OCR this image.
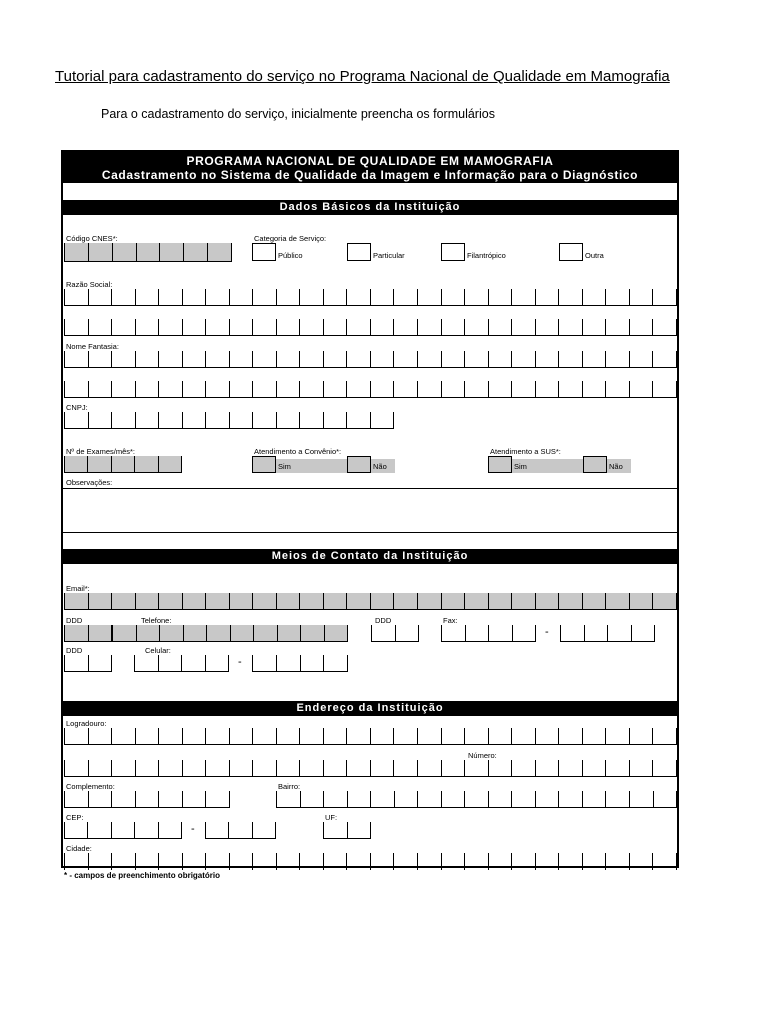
Tutorial para cadastramento do serviço no Programa Nacional de Qualidade em Mamografia
Para o cadastramento do serviço, inicialmente preencha os formulários
PROGRAMA NACIONAL DE QUALIDADE EM MAMOGRAFIA
Cadastramento no Sistema de Qualidade da Imagem e Informação para o Diagnóstico
Dados Básicos da Instituição
Código CNES*:	Categoria de Serviço:
Público	Particular	Filantrópico	Outra
Razão Social:
Nome Fantasia:
CNPJ:
Nº de Exames/mês*:	Atendimento a Convênio*:
Sim	Não
Atendimento a SUS*:
Sim	Não
Observações:
Meios de Contato da Instituição
Email*:
DDD	Telefone:	DDD	Fax:
-
DDD	Celular:
-
Endereço da Instituição
Logradouro:
Número:
Complemento:	Bairro:
CEP:
-
UF:
Cidade:
* - campos de preenchimento obrigatório
